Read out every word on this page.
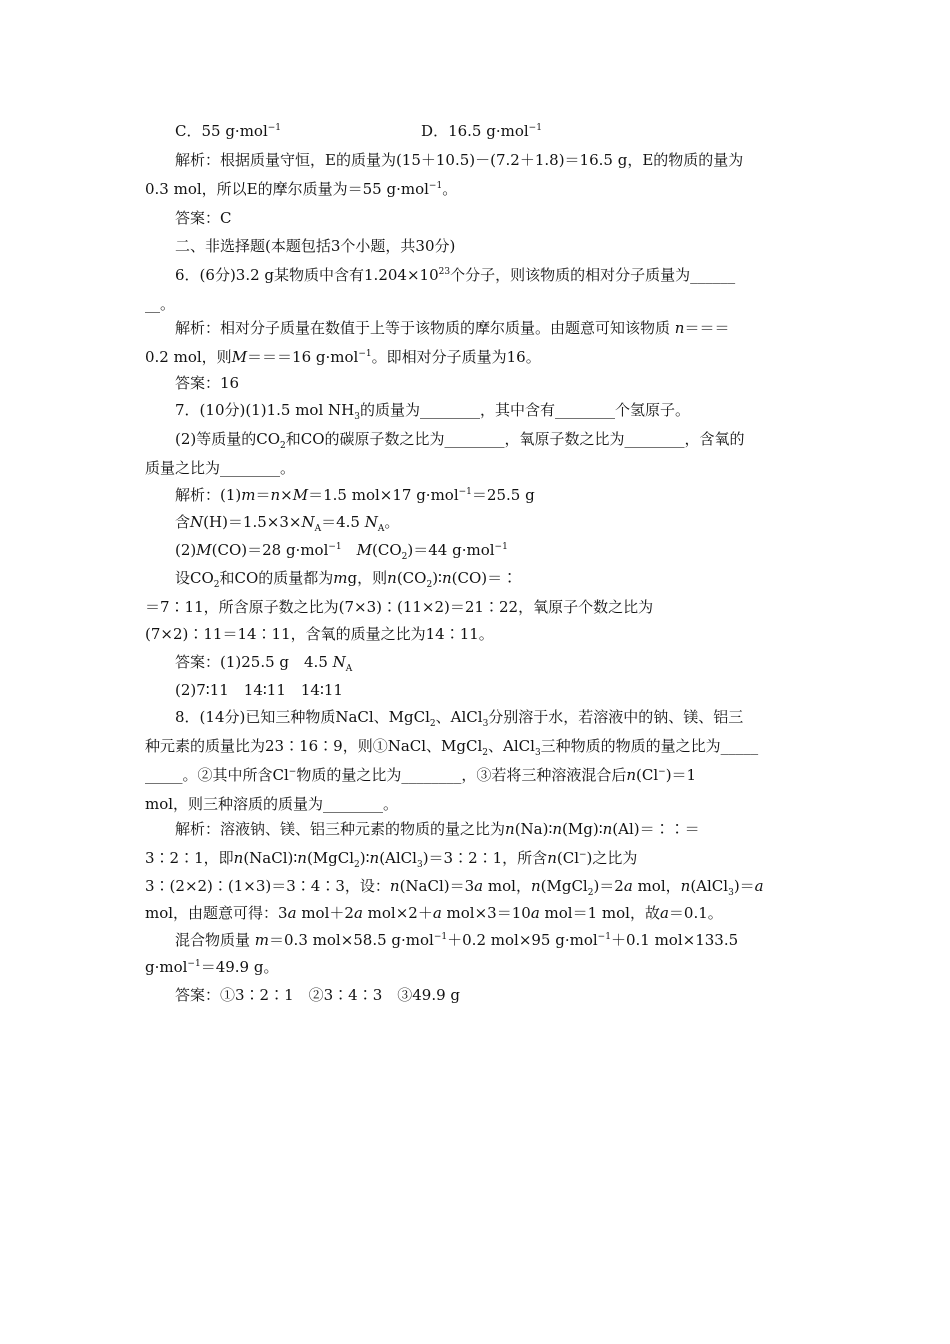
C．55 g·mol$^{-1}$	D．16.5 g·mol$^{-1}$
解析：根据质量守恒，E的质量为(15＋10.5)－(7.2＋1.8)＝16.5 g，E的物质的量为
0.3 mol，所以E的摩尔质量为＝55 g·mol$^{-1}$。
答案：C
二、非选择题(本题包括3个小题，共30分)
6．(6分)3.2 g某物质中含有$1.204\times 10^{23}$个分子，则该物质的相对分子质量为______
__。
解析：相对分子质量在数值于上等于该物质的摩尔质量。由题意可知该物质 n＝＝＝
0.2 mol，则M＝＝＝16 g·mol$^{-1}$。即相对分子质量为16。
答案：16
7．(10分)(1)1.5 mol $NH_3$的质量为________，其中含有________个氢原子。
(2)等质量的$CO_2$和CO的碳原子数之比为________，氧原子数之比为________，含氧的
质量之比为________。
解析：(1)m＝n×M＝1.5 mol×17 g·mol$^{-1}$＝25.5 g
含$N(H)=1.5\times 3\times N_A=4.5$ $N_A$。
(2)M(CO)＝28 g·mol$^{-1}$　 $M(CO_2)=44$ g·mol$^{-1}$
设$CO_2$和CO的质量都为mg，则$n(CO_2)∶n(CO)=∶$
＝7∶11，所含原子数之比为(7×3)∶(11×2)＝21∶22，氧原子个数之比为
(7×2)∶11＝14∶11，含氧的质量之比为14∶11。
答案：(1)25.5 g　4.5 $N_A$
(2)7∶11　14∶11　14∶11
8．(14分)已知三种物质NaCl、MgCl$_2$、AlCl$_3$分别溶于水，若溶液中的钠、镁、铝三
种元素的质量比为23∶16∶9，则①NaCl、MgCl$_2$、AlCl$_3$三种物质的物质的量之比为_____
_____。②其中所含Cl−物质的量之比为________，③若将三种溶液混合后n(Cl−)＝1
mol，则三种溶质的质量为________。
解析：溶液钠、镁、铝三种元素的物质的量之比为n(Na)∶n(Mg)∶n(Al)＝∶∶＝
3∶2∶1，即n(NaCl)∶n(MgCl$_2$)∶n(AlCl$_3$)＝3∶2∶1，所含n(Cl−)之比为
3∶(2×2)∶(1×3)＝3∶4∶3，设：n(NaCl)＝3a mol，n(MgCl$_2$)＝2a mol，n(AlCl$_3$)＝a
mol，由题意可得：3a mol＋2a mol×2＋a mol×3＝10a mol＝1 mol，故a＝0.1。
混合物质量 m＝0.3 mol×58.5 g·mol$^{-1}$＋0.2 mol×95 g·mol$^{-1}$＋0.1 mol×133.5
g·mol$^{-1}$＝49.9 g。
答案：①3∶2∶1　②3∶4∶3　③49.9 g
